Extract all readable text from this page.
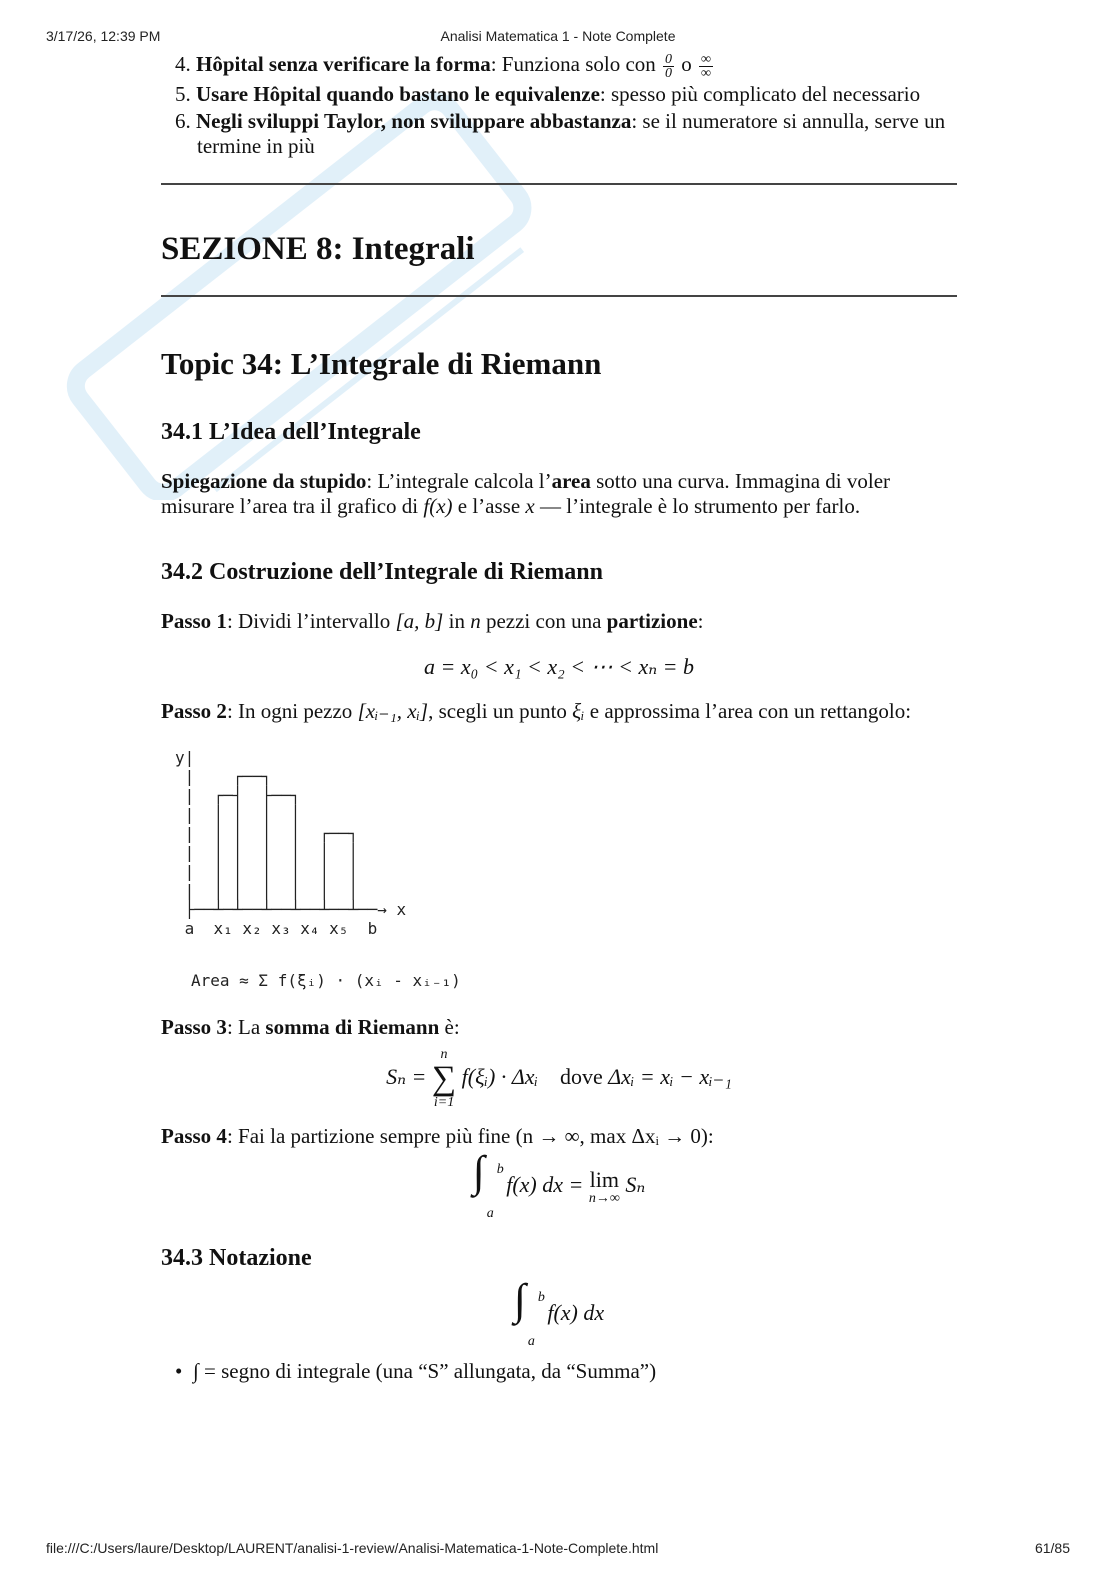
3/17/26, 12:39 PM	Analisi Matematica 1 - Note Complete
4. Hôpital senza verificare la forma: Funziona solo con $\frac{0}{0}$ o $\frac{\infty}{\infty}$
5. Usare Hôpital quando bastano le equivalenze: spesso più complicato del necessario
6. Negli sviluppi Taylor, non sviluppare abbastanza: se il numeratore si annulla, serve un termine in più
SEZIONE 8: Integrali
Topic 34: L’Integrale di Riemann
34.1 L’Idea dell’Integrale

Spiegazione da stupido: L’integrale calcola l’area sotto una curva. Immagina di voler misurare l’area tra il grafico di f(x) e l’asse x — l’integrale è lo strumento per farlo.

34.2 Costruzione dell’Integrale di Riemann

Passo 1: Dividi l’intervallo [a, b] in n pezzi con una partizione:

a = x₀ < x₁ < x₂ < ⋯ < xₙ = b

Passo 2: In ogni pezzo [xᵢ₋₁, xᵢ], scegli un punto ξᵢ e approssima l’area con un rettangolo:

y|
|    ┌──┐
|  ┌─┤  ├──┐
|  │ │  │  │
|  │ │  │  │  ┌──┐
|  │ │  │  │  │  │
|  │ │  │  │  │  │
|  │ │  │  │  │  │
├──┴─┴──┴──┴──┴──┴──→ x
a  x₁ x₂ x₃ x₄ x₅  b
Area ≈ Σ f(ξᵢ) · (xᵢ - xᵢ₋₁)

Passo 3: La somma di Riemann è:

Sₙ =
n
∑
i=1
f(ξᵢ) · Δxᵢ dove Δxᵢ = xᵢ − xᵢ₋₁

Passo 4: Fai la partizione sempre più fine (n → ∞, max Δxᵢ → 0):

∫ b
a
f(x) dx = lim
n→∞
Sₙ
34.3 Notazione
∫ b
a
f(x) dx

• ∫ = segno di integrale (una “S” allungata, da “Summa”)

file:///C:/Users/laure/Desktop/LAURENT/analisi-1-review/Analisi-Matematica-1-Note-Complete.html	61/85
